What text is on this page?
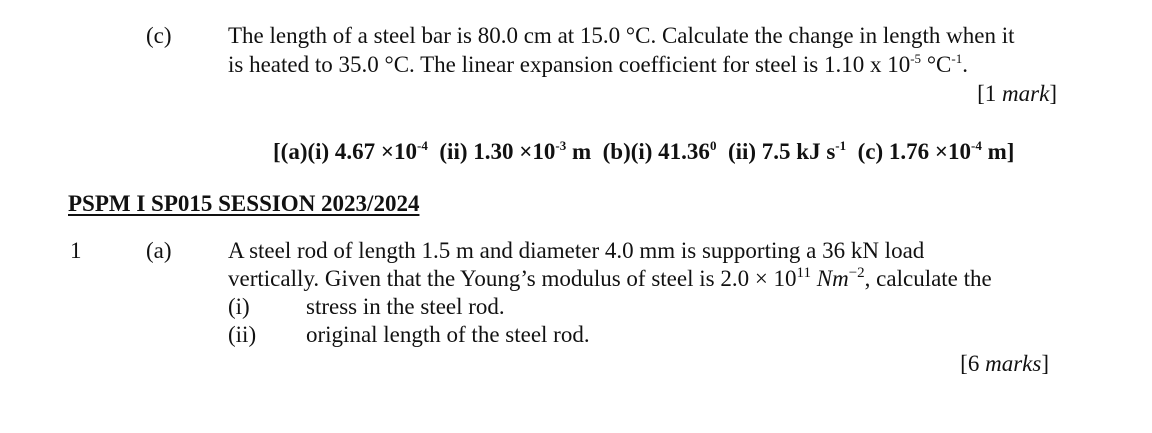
(c) The length of a steel bar is 80.0 cm at 15.0 °C. Calculate the change in length when it
is heated to 35.0 °C. The linear expansion coefficient for steel is 1.10 x $10^{-5}$ $^\circ C^{-1}$.
[1 mark]
[(a)(i) $4.67 \times 10^{-4}$  (ii) $1.30 \times 10^{-3}$ m  (b)(i) 41.36$^0$  (ii) 7.5 kJ $s^{-1}$  (c) $1.76 \times 10^{-4}$ m]
PSPM I SP015 SESSION 2023/2024
1	(a) A steel rod of length 1.5 m and diameter 4.0 mm is supporting a 36 kN load
vertically. Given that the Young’s modulus of steel is $2.0 \times 10^{11}$ $Nm^{-2}$, calculate the
(i) stress in the steel rod.
(ii) original length of the steel rod.
[6 marks]
